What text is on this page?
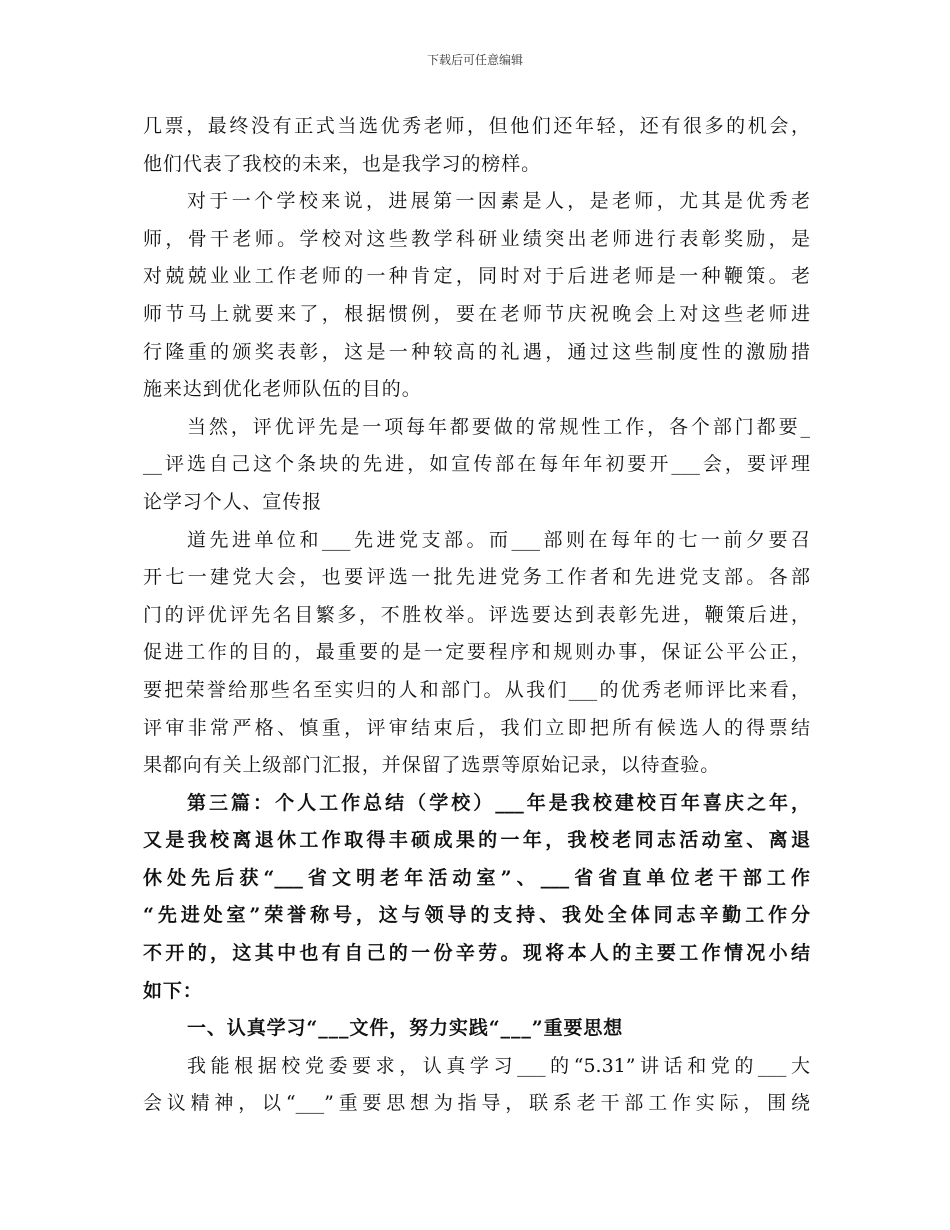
下载后可任意编辑
几票，最终没有正式当选优秀老师，但他们还年轻，还有很多的机会，
他们代表了我校的未来，也是我学习的榜样。
对于一个学校来说，进展第一因素是人，是老师，尤其是优秀老
师，骨干老师。学校对这些教学科研业绩突出老师进行表彰奖励，是
对兢兢业业工作老师的一种肯定，同时对于后进老师是一种鞭策。老
师节马上就要来了，根据惯例，要在老师节庆祝晚会上对这些老师进
行隆重的颁奖表彰，这是一种较高的礼遇，通过这些制度性的激励措
施来达到优化老师队伍的目的。
当然，评优评先是一项每年都要做的常规性工作，各个部门都要_
__评选自己这个条块的先进，如宣传部在每年年初要开___会，要评理
论学习个人、宣传报
道先进单位和___先进党支部。而___部则在每年的七一前夕要召
开七一建党大会，也要评选一批先进党务工作者和先进党支部。各部
门的评优评先名目繁多，不胜枚举。评选要达到表彰先进，鞭策后进，
促进工作的目的，最重要的是一定要程序和规则办事，保证公平公正，
要把荣誉给那些名至实归的人和部门。从我们___的优秀老师评比来看，
评审非常严格、慎重，评审结束后，我们立即把所有候选人的得票结
果都向有关上级部门汇报，并保留了选票等原始记录，以待查验。
第三篇：个人工作总结（学校）___年是我校建校百年喜庆之年，
又是我校离退休工作取得丰硕成果的一年，我校老同志活动室、离退
休处先后获“___省文明老年活动室”、___省省直单位老干部工作
“先进处室”荣誉称号，这与领导的支持、我处全体同志辛勤工作分
不开的，这其中也有自己的一份辛劳。现将本人的主要工作情况小结
如下：
一、认真学习“___文件，努力实践“___”重要思想
我能根据校党委要求，认真学习___的“5.31”讲话和党的___大
会议精神，以“___”重要思想为指导，联系老干部工作实际，围绕
